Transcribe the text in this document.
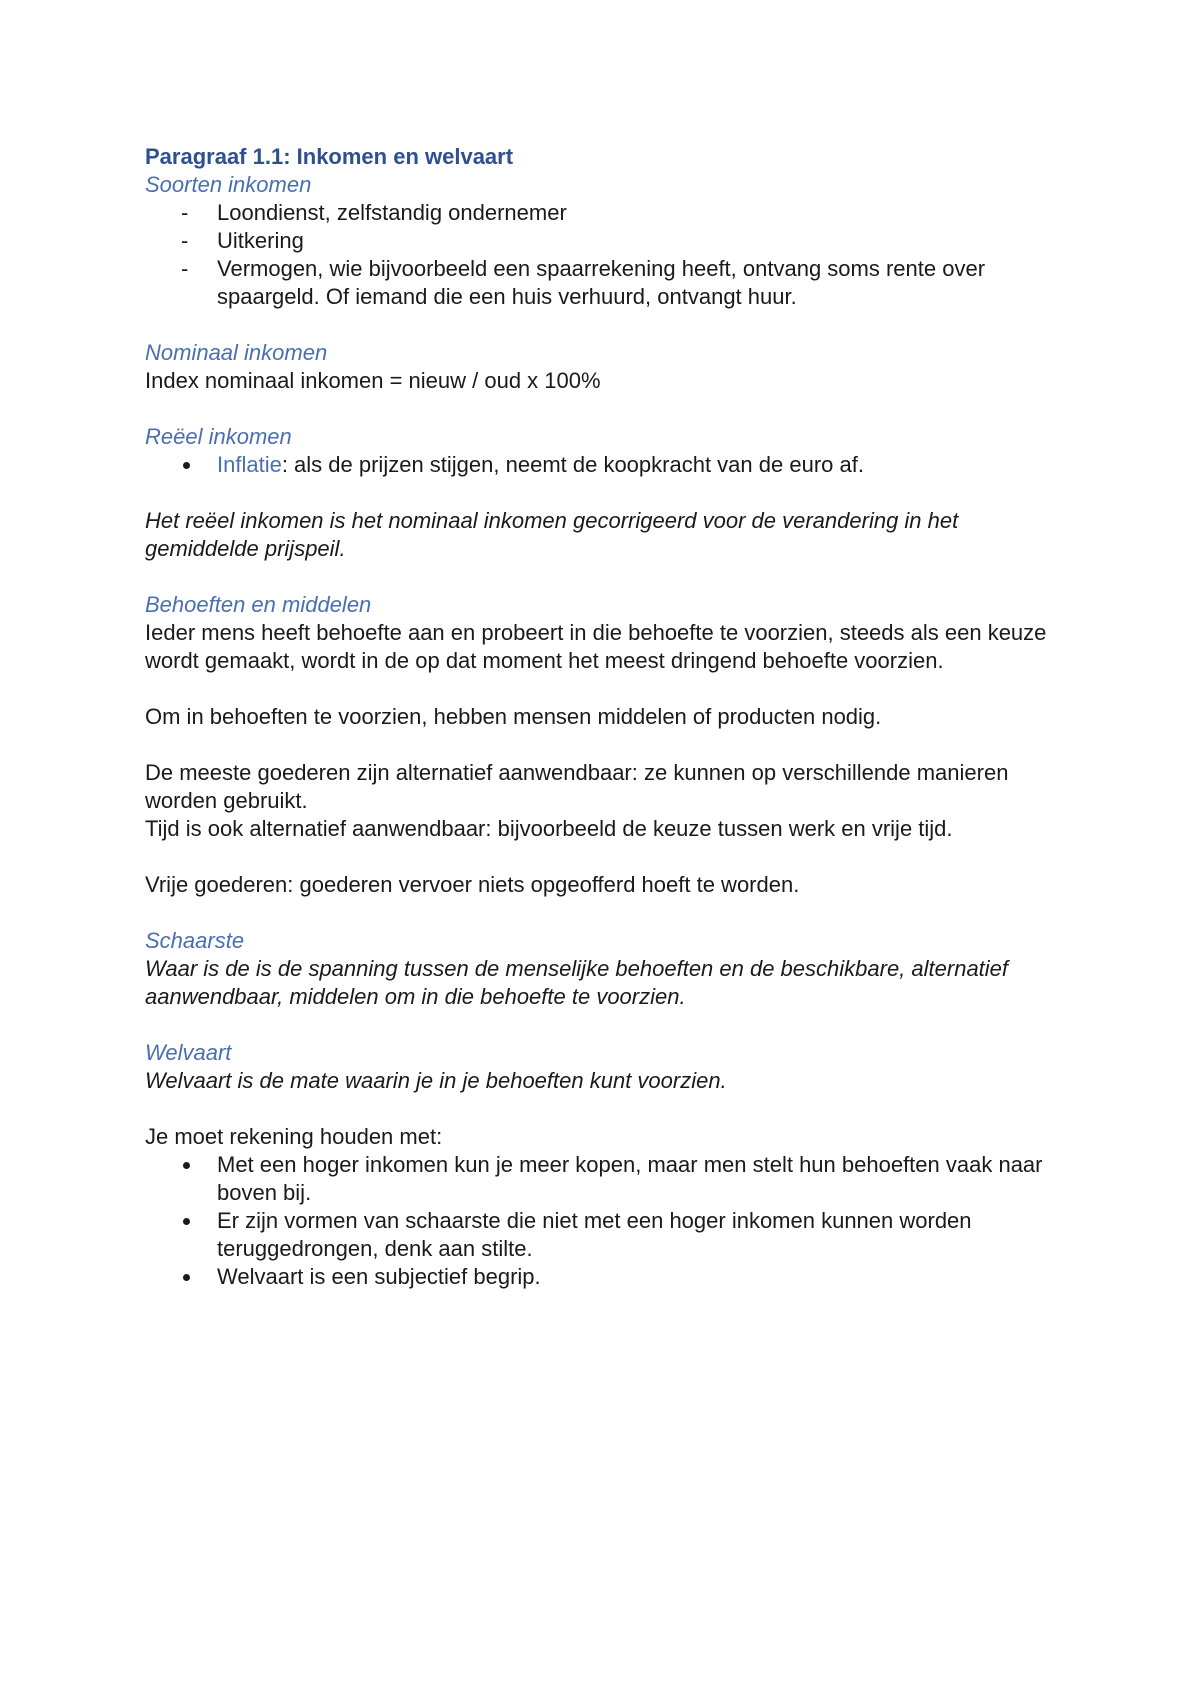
Paragraaf 1.1: Inkomen en welvaart

Soorten inkomen

- Loondienst, zelfstandig ondernemer
- Uitkering
- Vermogen, wie bijvoorbeeld een spaarrekening heeft, ontvang soms rente over spaargeld. Of iemand die een huis verhuurd, ontvangt huur.

Nominaal inkomen

Index nominaal inkomen = nieuw / oud x 100%

Reëel inkomen

Inflatie: als de prijzen stijgen, neemt de koopkracht van de euro af.

Het reëel inkomen is het nominaal inkomen gecorrigeerd voor de verandering in het gemiddelde prijspeil.

Behoeften en middelen

Ieder mens heeft behoefte aan en probeert in die behoefte te voorzien, steeds als een keuze wordt gemaakt, wordt in de op dat moment het meest dringend behoefte voorzien.

Om in behoeften te voorzien, hebben mensen middelen of producten nodig.

De meeste goederen zijn alternatief aanwendbaar: ze kunnen op verschillende manieren worden gebruikt.

Tijd is ook alternatief aanwendbaar: bijvoorbeeld de keuze tussen werk en vrije tijd.

Vrije goederen: goederen vervoer niets opgeofferd hoeft te worden.

Schaarste

Waar is de is de spanning tussen de menselijke behoeften en de beschikbare, alternatief aanwendbaar, middelen om in die behoefte te voorzien.

Welvaart

Welvaart is de mate waarin je in je behoeften kunt voorzien.

Je moet rekening houden met:

Met een hoger inkomen kun je meer kopen, maar men stelt hun behoeften vaak naar boven bij.
Er zijn vormen van schaarste die niet met een hoger inkomen kunnen worden teruggedrongen, denk aan stilte.
Welvaart is een subjectief begrip.
